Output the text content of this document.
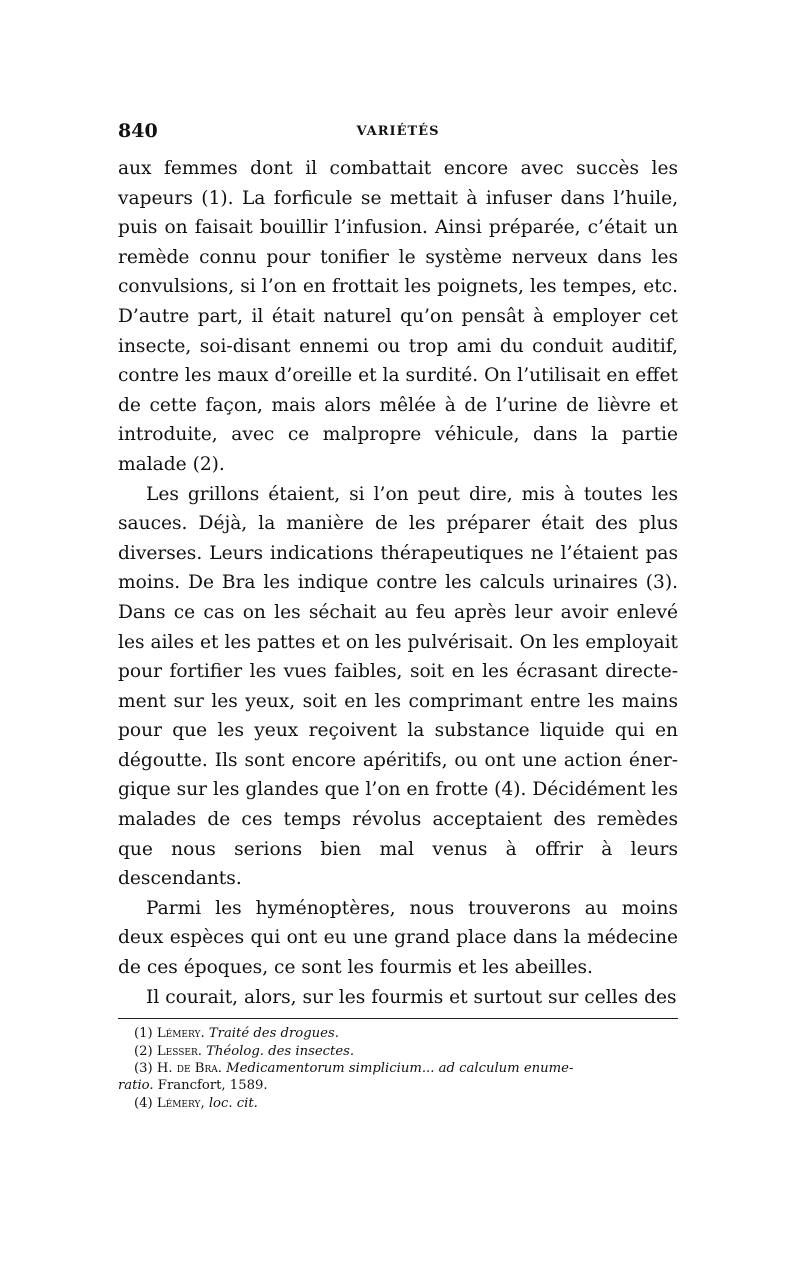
840	VARIÉTÉS

aux femmes dont il combattait encore avec succès les vapeurs (1). La forficule se mettait à infuser dans l’huile, puis on faisait bouillir l’infusion. Ainsi préparée, c’était un remède connu pour tonifier le système nerveux dans les convulsions, si l’on en frottait les poignets, les tempes, etc. D’autre part, il était naturel qu’on pensât à employer cet insecte, soi-disant ennemi ou trop ami du conduit auditif, contre les maux d’oreille et la surdité. On l’utilisait en effet de cette façon, mais alors mêlée à de l’urine de lièvre et introduite, avec ce malpropre véhicule, dans la partie malade (2).

Les grillons étaient, si l’on peut dire, mis à toutes les sauces. Déjà, la manière de les préparer était des plus diverses. Leurs indications thérapeutiques ne l’étaient pas moins. De Bra les indique contre les calculs urinaires (3). Dans ce cas on les séchait au feu après leur avoir enlevé les ailes et les pattes et on les pulvérisait. On les employait pour fortifier les vues faibles, soit en les écrasant directe- ment sur les yeux, soit en les comprimant entre les mains pour que les yeux reçoivent la substance liquide qui en dégoutte. Ils sont encore apéritifs, ou ont une action éner- gique sur les glandes que l’on en frotte (4). Décidément les malades de ces temps révolus acceptaient des remèdes que nous serions bien mal venus à offrir à leurs descendants.

Parmi les hyménoptères, nous trouverons au moins deux espèces qui ont eu une grand place dans la médecine de ces époques, ce sont les fourmis et les abeilles.

Il courait, alors, sur les fourmis et surtout sur celles des

(1) Lémery. Traité des drogues.

(2) Lesser. Théolog. des insectes.

(3) H. de Bra. Medicamentorum simplicium... ad calculum enume-

ratio. Francfort, 1589.

(4) Lémery, loc. cit.
